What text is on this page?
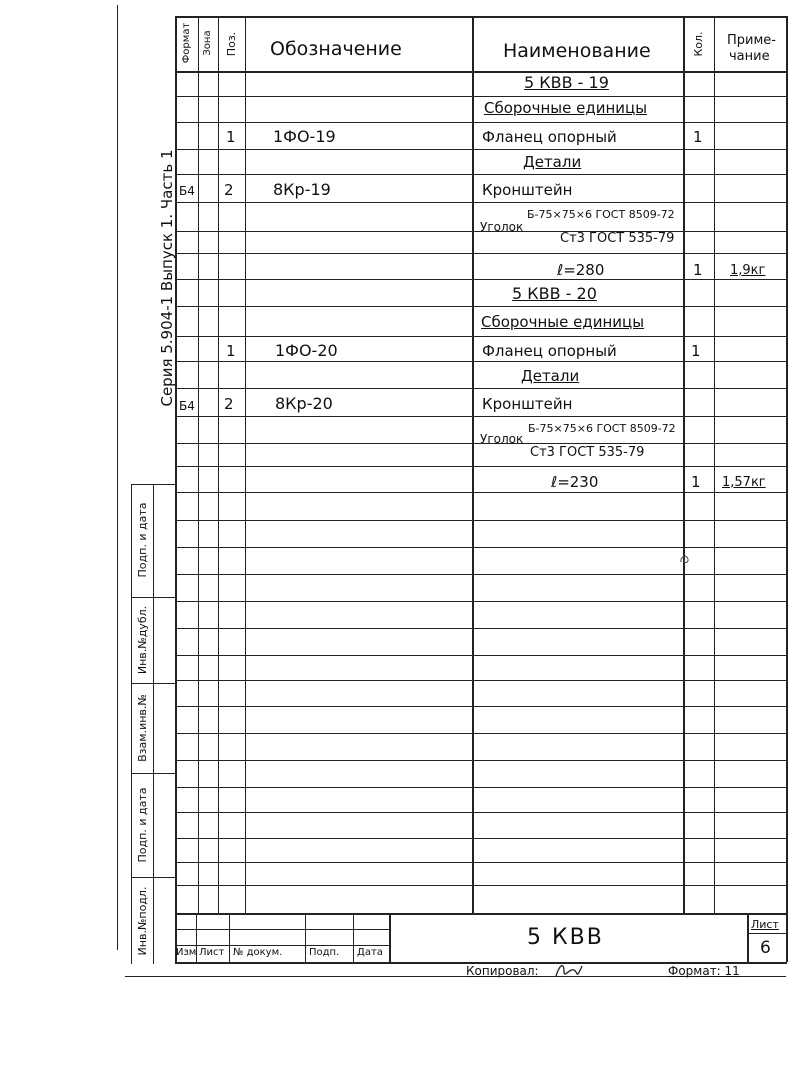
Формат Зона Поз. Обозначение	Наименование	Кол. Приме-
чание
5 КВВ - 19
Сборочные единицы
1 1ФО-19	Фланец опорный	1
Детали
Б4 2 8Кр-19	Кронштейн
Уголок
Б-75×75×6 ГОСТ 8509-72
Ст3 ГОСТ 535-79
ℓ=280	1 1,9кг
5 КВВ - 20
Сборочные единицы
1 1ФО-20	Фланец опорный	1
Детали
Б4 2	8Кр-20	Кронштейн
Уголок
Б-75×75×6 ГОСТ 8509-72
Ст3 ГОСТ 535-79
ℓ=230	1 1,57кг
Серия 5.904-1 Выпуск 1. Часть 1
Инв.№подл.
Подп. и дата
Взам.инв.№
Инв.№дубл.
Подп. и дата
5 КВВ
Лист
6
Изм Лист № докум.	Подп. Дата
Копировал:	Формат: 11
